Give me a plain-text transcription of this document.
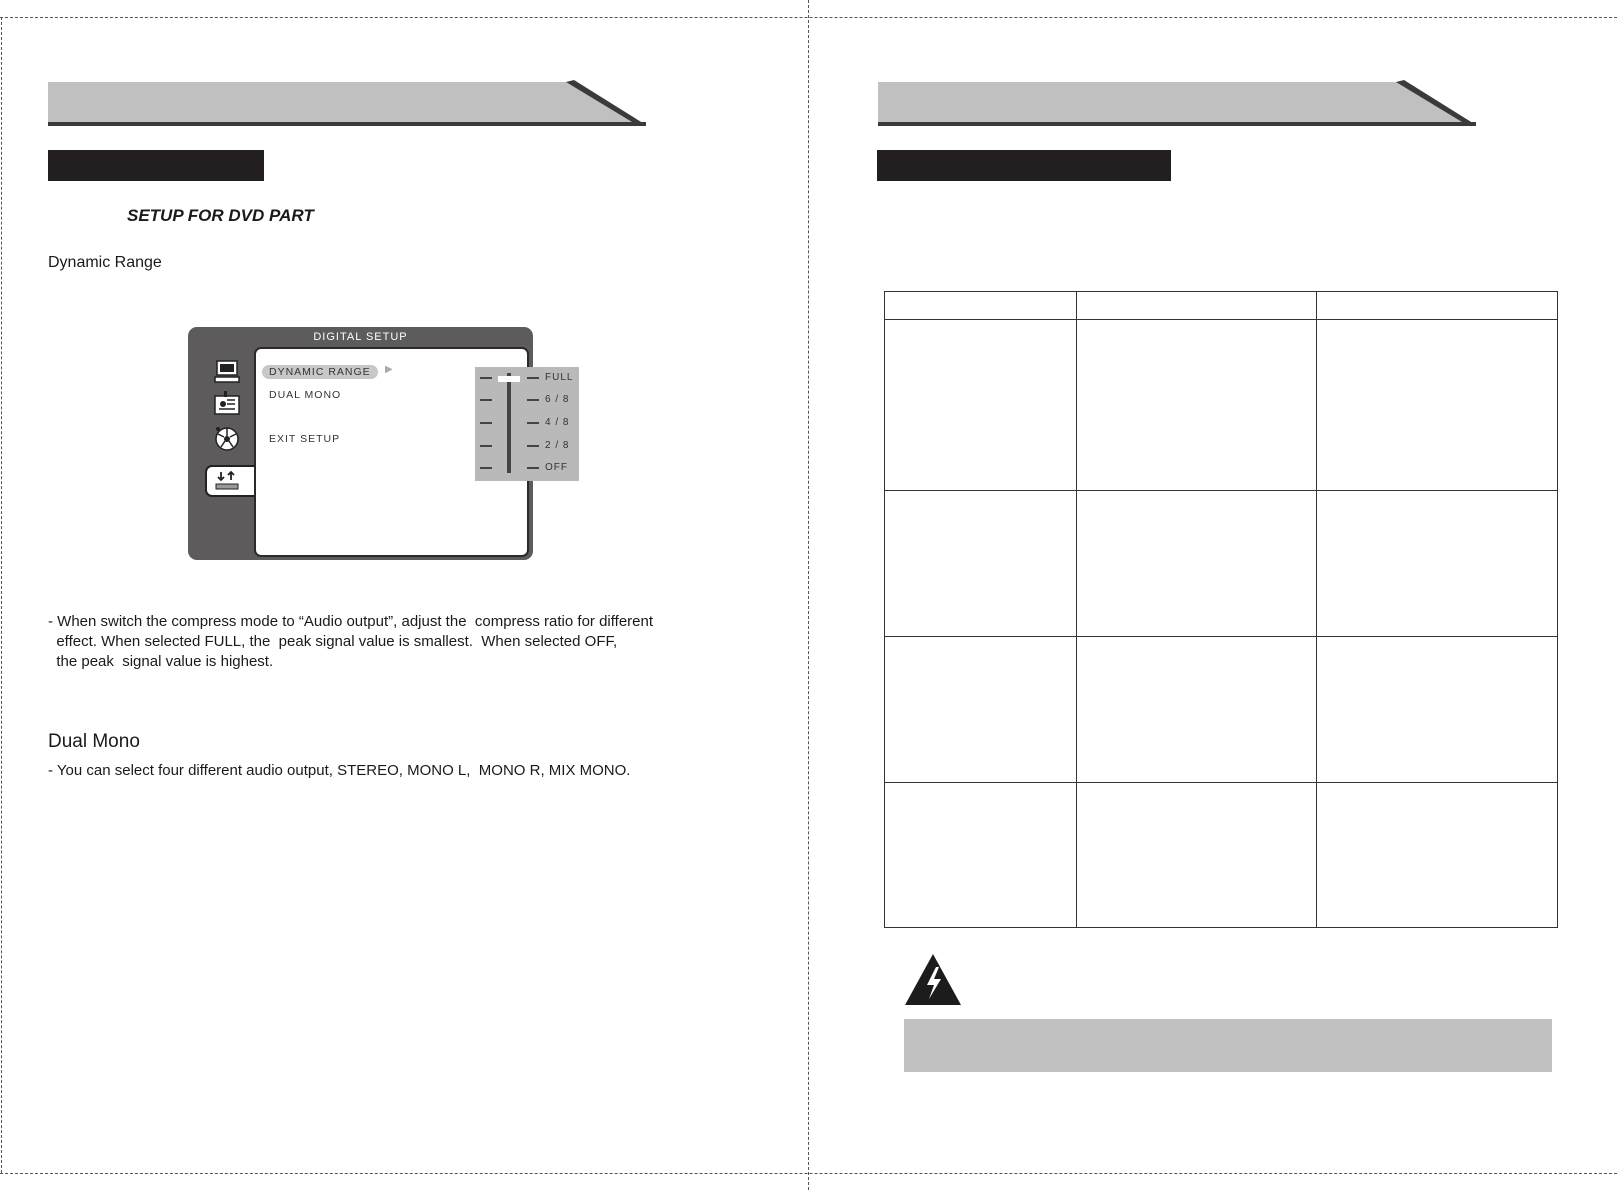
SETUP FOR DVD PART
Dynamic Range
DIGITAL SETUP
DYNAMIC RANGE	▶
DUAL MONO
EXIT SETUP
FULL
6 / 8
4 / 8
2 / 8
OFF
- When switch the compress mode to “Audio output”, adjust the  compress ratio for different
effect. When selected FULL, the  peak signal value is smallest.  When selected OFF,
the peak  signal value is highest.
Dual Mono
- You can select four different audio output, STEREO, MONO L,  MONO R, MIX MONO.
